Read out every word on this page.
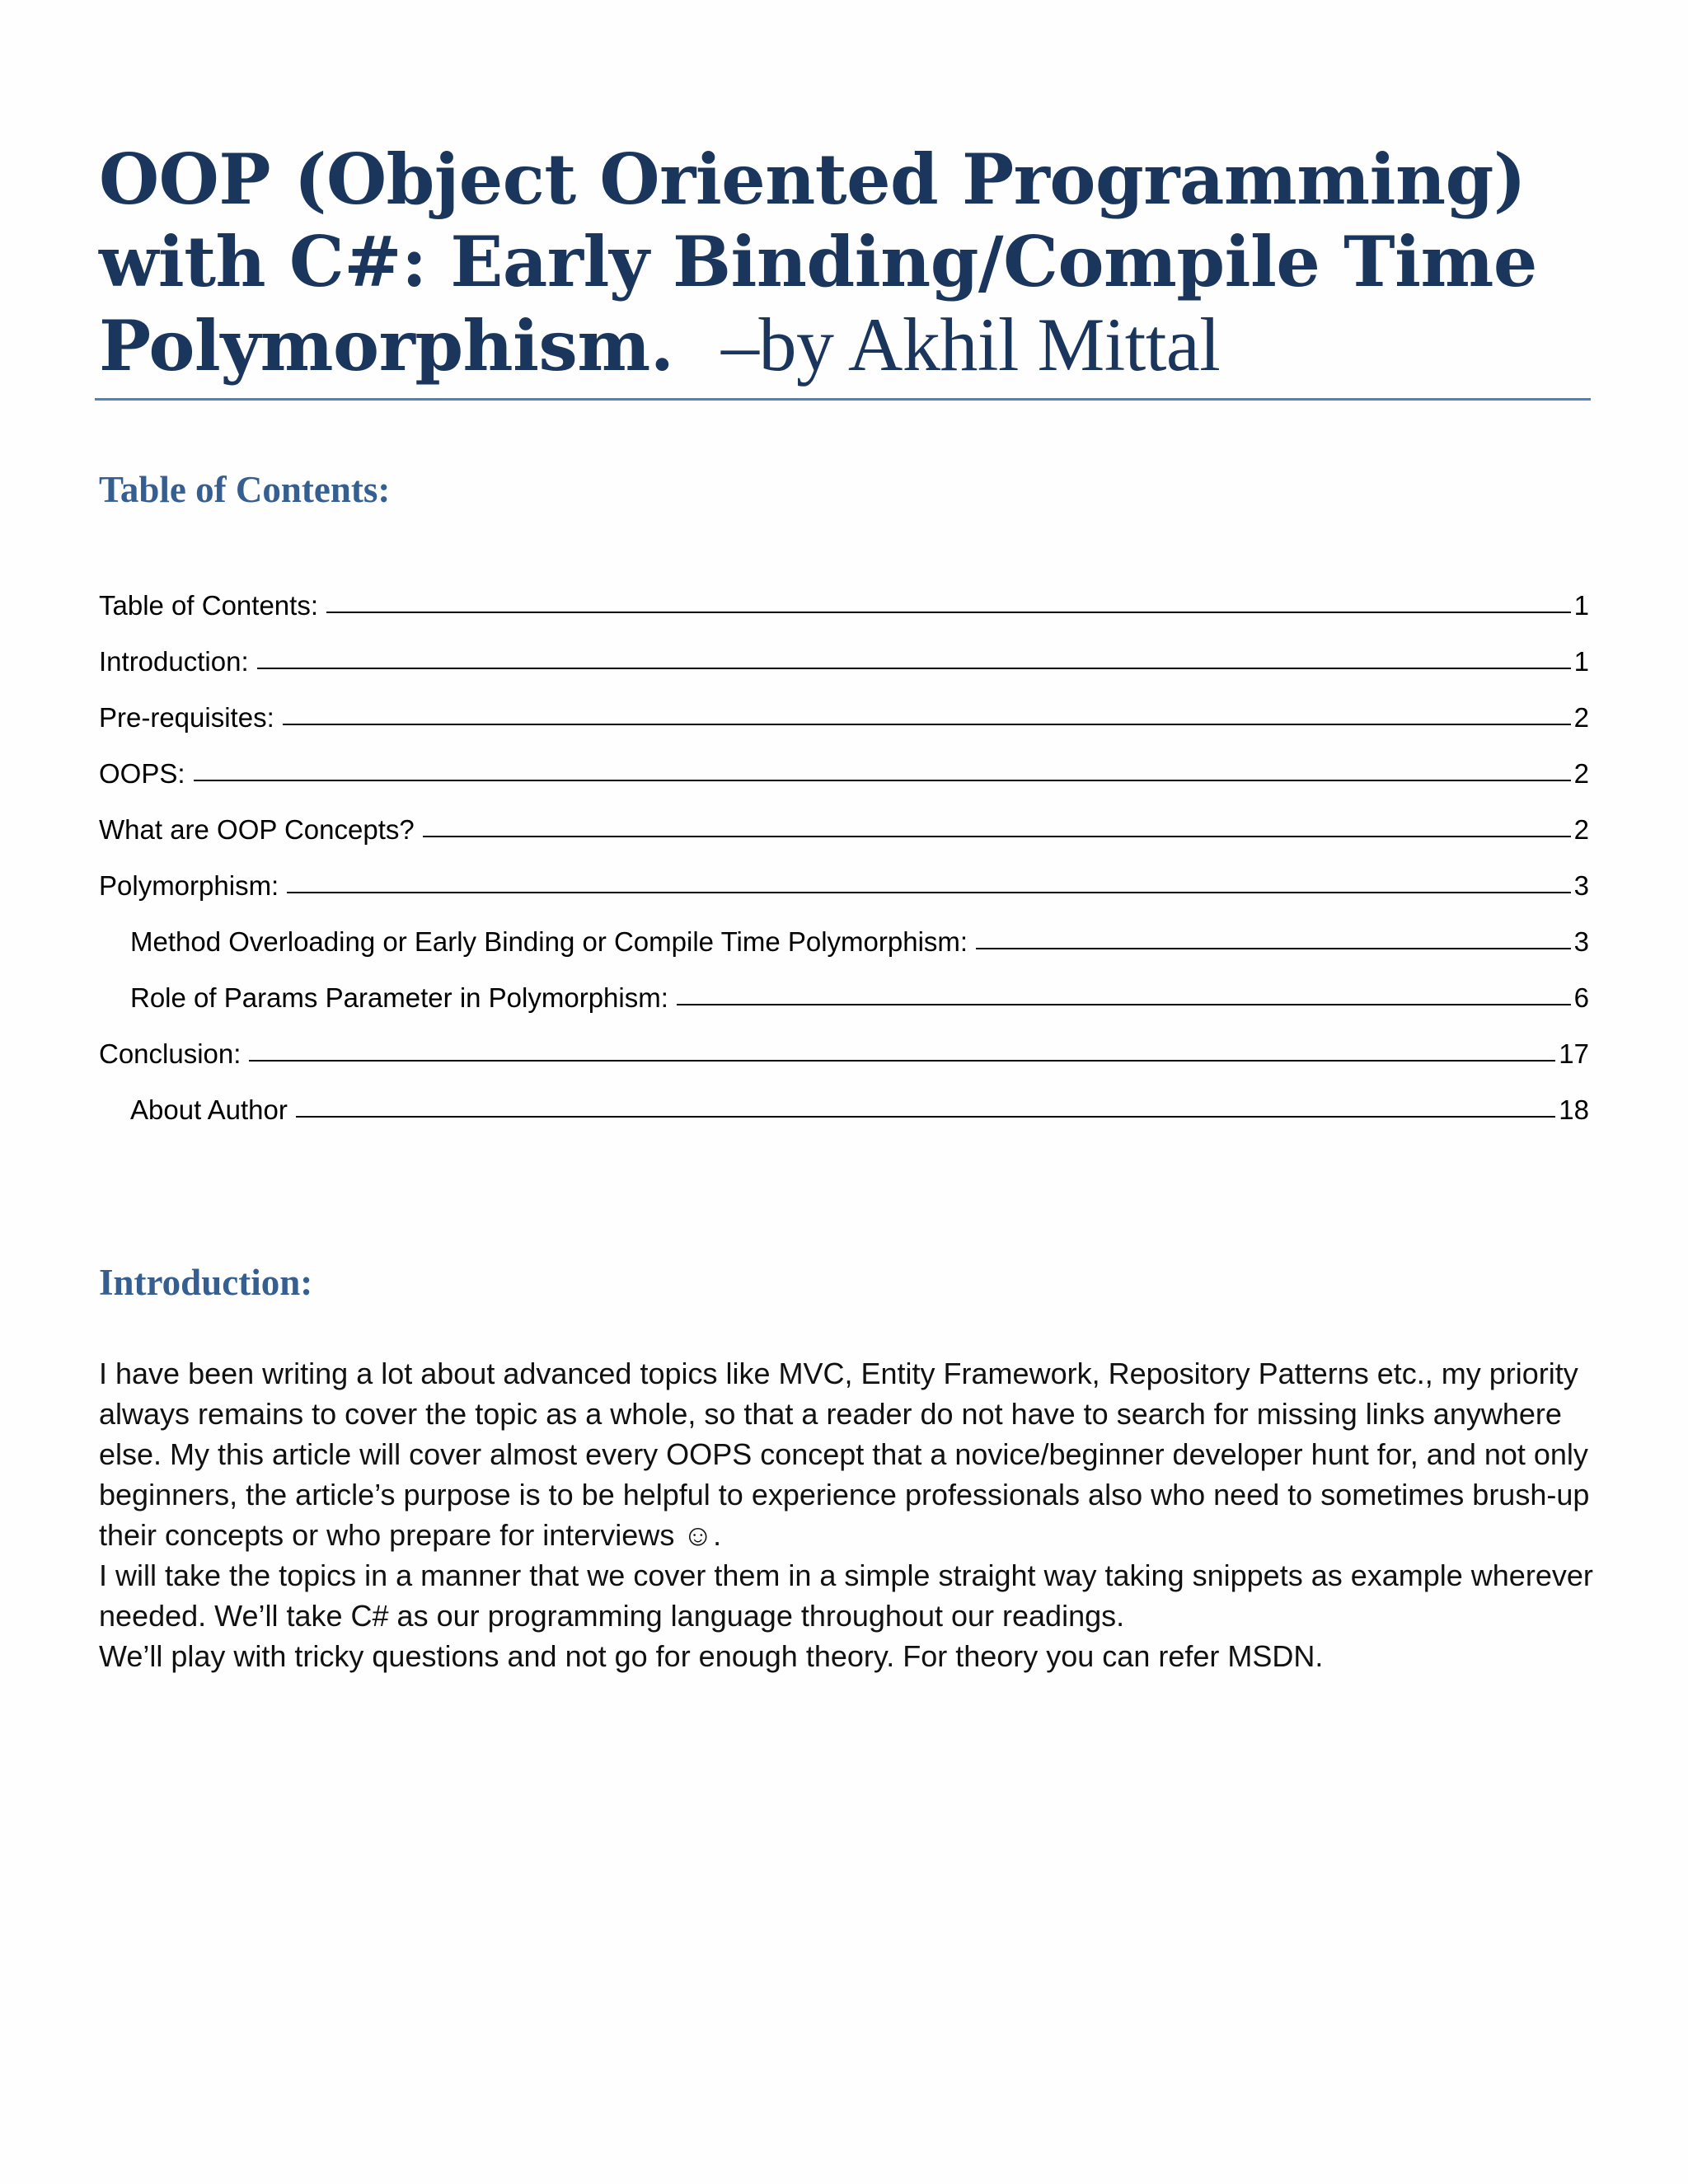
OOP (Object Oriented Programming) with C#: Early Binding/Compile Time Polymorphism. –by Akhil Mittal
Table of Contents:
Table of Contents:	1
Introduction:	1
Pre-requisites:	2
OOPS:	2
What are OOP Concepts?	2
Polymorphism:	3
Method Overloading or Early Binding or Compile Time Polymorphism:	3
Role of Params Parameter in Polymorphism:	6
Conclusion:	17
About Author	18
Introduction:

I have been writing a lot about advanced topics like MVC, Entity Framework, Repository Patterns etc., my priority always remains to cover the topic as a whole, so that a reader do not have to search for missing links anywhere else. My this article will cover almost every OOPS concept that a novice/beginner developer hunt for, and not only beginners, the article’s purpose is to be helpful to experience professionals also who need to sometimes brush-up their concepts or who prepare for interviews ☺.

I will take the topics in a manner that we cover them in a simple straight way taking snippets as example wherever needed. We’ll take C# as our programming language throughout our readings.

We’ll play with tricky questions and not go for enough theory. For theory you can refer MSDN.
